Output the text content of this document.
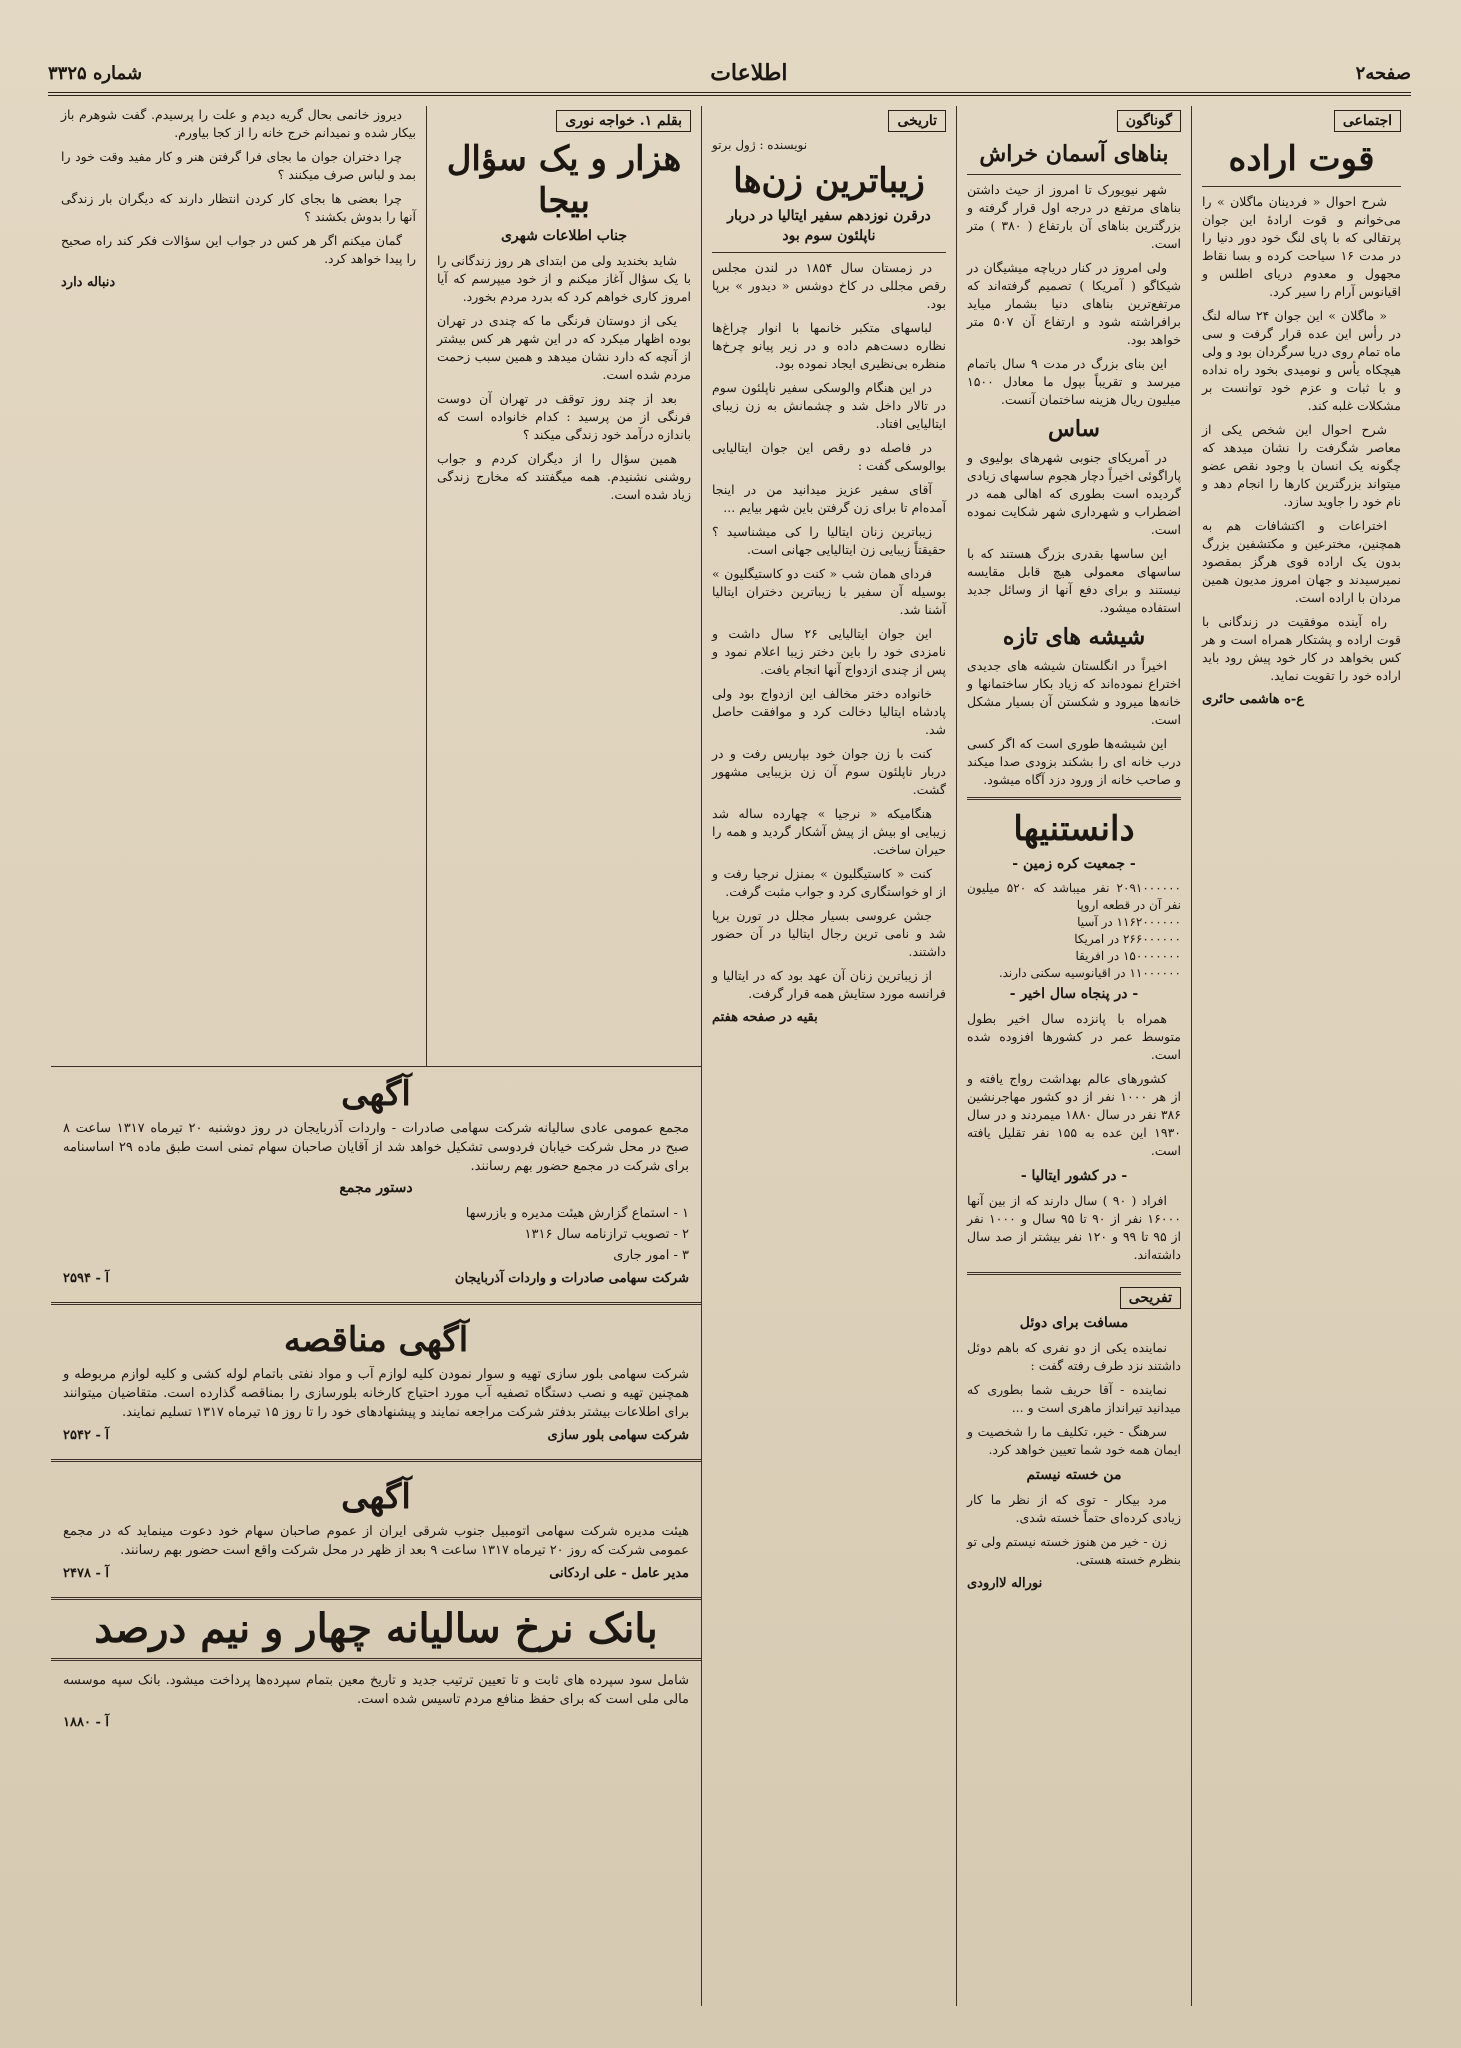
صفحه۲
اطلاعات
شماره ۳۳۲۵
اجتماعی
قوت اراده

شرح احوال « فردینان ماگلان » را می‌خوانم و قوت ارادهٔ این جوان پرتقالی که با پای لنگ خود دور دنیا را در مدت ۱۶ سیاحت کرده و بسا نقاط مجهول و معدوم دریای اطلس و اقیانوس آرام را سیر کرد.

« ماگلان » این جوان ۲۴ ساله لنگ در رأس این عده قرار گرفت و سی ماه تمام روی دریا سرگردان بود و ولی هیچکاه یأس و نومیدی بخود راه نداده و با ثبات و عزم خود توانست بر مشکلات غلبه کند.

شرح احوال این شخص یکی از معاصر شگرفت را نشان میدهد که چگونه یک انسان با وجود نقص عضو میتواند بزرگترین کارها را انجام دهد و نام خود را جاوید سازد.

اختراعات و اکتشافات هم به همچنین، مخترعین و مکتشفین بزرگ بدون یک اراده قوی هرگز بمقصود نمیرسیدند و جهان امروز مدیون همین مردان با اراده است.

راه آینده موفقیت در زندگانی با قوت اراده و پشتکار همراه است و هر کس بخواهد در کار خود پیش رود باید اراده خود را تقویت نماید.

ع-ه هاشمی حائری
گوناگون
بناهای آسمان خراش

شهر نیویورک تا امروز از حیث داشتن بناهای مرتفع در درجه اول قرار گرفته و بزرگترین بناهای آن بارتفاع ( ۳۸۰ ) متر است.

ولی امروز در کنار دریاچه میشیگان در شیکاگو ( آمریکا ) تصمیم گرفته‌اند که مرتفع‌ترین بناهای دنیا بشمار میاید برافراشته شود و ارتفاع آن ۵۰۷ متر خواهد بود.

این بنای بزرگ در مدت ۹ سال باتمام میرسد و تقریباً بپول ما معادل ۱۵۰۰ میلیون ریال هزینه ساختمان آنست.

ساس

در آمریکای جنوبی شهرهای بولیوی و پاراگوئی اخیراً دچار هجوم ساسهای زیادی گردیده است بطوری که اهالی همه در اضطراب و شهرداری شهر شکایت نموده است.

این ساسها بقدری بزرگ هستند که با ساسهای معمولی هیچ قابل مقایسه نیستند و برای دفع آنها از وسائل جدید استفاده میشود.

شیشه های تازه

اخیراً در انگلستان شیشه های جدیدی اختراع نموده‌اند که زیاد بکار ساختمانها و خانه‌ها میرود و شکستن آن بسیار مشکل است.

این شیشه‌ها طوری است که اگر کسی درب خانه ای را بشکند بزودی صدا میکند و صاحب خانه از ورود دزد آگاه میشود.

دانستنیها
- جمعیت کره زمین -
۲۰۹۱۰۰۰۰۰۰ نفر میباشد که ۵۲۰ میلیون نفر آن در قطعه اروپا
۱۱۶۲۰۰۰۰۰۰ در آسیا
۲۶۶۰۰۰۰۰۰ در امریکا
۱۵۰۰۰۰۰۰۰ در افریقا
۱۱۰۰۰۰۰۰ در اقیانوسیه سکنی دارند.
- در پنجاه سال اخیر -

همراه با پانزده سال اخیر بطول متوسط عمر در کشورها افزوده شده است.

کشورهای عالم بهداشت رواج یافته و از هر ۱۰۰۰ نفر از دو کشور مهاجرنشین ۳۸۶ نفر در سال ۱۸۸۰ میمردند و در سال ۱۹۳۰ این عده به ۱۵۵ نفر تقلیل یافته است.

- در کشور ایتالیا -

افراد ( ۹۰ ) سال دارند که از بین آنها ۱۶۰۰۰ نفر از ۹۰ تا ۹۵ سال و ۱۰۰۰ نفر از ۹۵ تا ۹۹ و ۱۲۰ نفر بیشتر از صد سال داشته‌اند.

تفریحی
مسافت برای دوئل

نماینده یکی از دو نفری که باهم دوئل داشتند نزد طرف رفته گفت :

نماینده - آقا حریف شما بطوری که میدانید تیرانداز ماهری است و ...

سرهنگ - خیر، تکلیف ما را شخصیت و ایمان همه خود شما تعیین خواهد کرد.

من خسته نیستم

مرد بیکار - توی که از نظر ما کار زیادی کرده‌ای حتماً خسته شدی.

زن - خیر من هنوز خسته نیستم ولی تو بنظرم خسته هستی.

نوراله لاارودی
تاریخی
نویسنده : ژول برتو
زیباترین زن‌ها
درقرن نوزدهم سفیر ایتالیا در دربار ناپلئون سوم بود

در زمستان سال ۱۸۵۴ در لندن مجلس رقص مجللی در کاخ دوشس « دیدور » برپا بود.

لباسهای متکبر خانمها با انوار چراغ‌ها نظاره دست‌هم داده و در زیر پیانو چرخ‌ها منظره بی‌نظیری ایجاد نموده بود.

در این هنگام والوسکی سفیر ناپلئون سوم در تالار داخل شد و چشمانش به زن زیبای ایتالیایی افتاد.

در فاصله دو رقص این جوان ایتالیایی بوالوسکی گفت :

آقای سفیر عزیز میدانید من در اینجا آمده‌ام تا برای زن گرفتن باین شهر بیایم ...

زیباترین زنان ایتالیا را کی میشناسید ؟ حقیقتاً زیبایی زن ایتالیایی جهانی است.

فردای همان شب « کنت دو کاستیگلیون » بوسیله آن سفیر با زیباترین دختران ایتالیا آشنا شد.

این جوان ایتالیایی ۲۶ سال داشت و نامزدی خود را باین دختر زیبا اعلام نمود و پس از چندی ازدواج آنها انجام یافت.

خانواده دختر مخالف این ازدواج بود ولی پادشاه ایتالیا دخالت کرد و موافقت حاصل شد.

کنت با زن جوان خود بپاریس رفت و در دربار ناپلئون سوم آن زن بزیبایی مشهور گشت.

هنگامیکه « نرجیا » چهارده ساله شد زیبایی او بیش از پیش آشکار گردید و همه را حیران ساخت.

کنت « کاستیگلیون » بمنزل نرجیا رفت و از او خواستگاری کرد و جواب مثبت گرفت.

جشن عروسی بسیار مجلل در تورن برپا شد و نامی ترین رجال ایتالیا در آن حضور داشتند.

از زیباترین زنان آن عهد بود که در ایتالیا و فرانسه مورد ستایش همه قرار گرفت.

بقیه در صفحه هفتم
بقلم ۱. خواجه نوری
هزار و یک سؤال بیجا
جناب اطلاعات شهری

شاید بخندید ولی من ابتدای هر روز زندگانی را با یک سؤال آغاز میکنم و از خود میپرسم که آیا امروز کاری خواهم کرد که بدرد مردم بخورد.

یکی از دوستان فرنگی ما که چندی در تهران بوده اظهار میکرد که در این شهر هر کس بیشتر از آنچه که دارد نشان میدهد و همین سبب زحمت مردم شده است.

بعد از چند روز توقف در تهران آن دوست فرنگی از من پرسید : کدام خانواده است که باندازه درآمد خود زندگی میکند ؟

همین سؤال را از دیگران کردم و جواب روشنی نشنیدم. همه میگفتند که مخارج زندگی زیاد شده است.

دیروز خانمی بحال گریه دیدم و علت را پرسیدم. گفت شوهرم باز بیکار شده و نمیدانم خرج خانه را از کجا بیاورم.

چرا دختران جوان ما بجای فرا گرفتن هنر و کار مفید وقت خود را بمد و لباس صرف میکنند ؟

چرا بعضی ها بجای کار کردن انتظار دارند که دیگران بار زندگی آنها را بدوش بکشند ؟

گمان میکنم اگر هر کس در جواب این سؤالات فکر کند راه صحیح را پیدا خواهد کرد.

دنباله دارد
آگهی
مجمع عمومی عادی سالیانه شرکت سهامی صادرات - واردات آذربایجان در روز دوشنبه ۲۰ تیرماه ۱۳۱۷ ساعت ۸ صبح در محل شرکت خیابان فردوسی تشکیل خواهد شد از آقایان صاحبان سهام تمنی است طبق ماده ۲۹ اساسنامه برای شرکت در مجمع حضور بهم رسانند.
دستور مجمع
۱ - استماع گزارش هیئت مدیره و بازرسها
۲ - تصویب ترازنامه سال ۱۳۱۶
۳ - امور جاری
شرکت سهامی صادرات و واردات آذربایجان
آ - ۲۵۹۴
آگهی مناقصه
شرکت سهامی بلور سازی تهیه و سوار نمودن کلیه لوازم آب و مواد نفتی باتمام لوله کشی و کلیه لوازم مربوطه و همچنین تهیه و نصب دستگاه تصفیه آب مورد احتیاج کارخانه بلورسازی را بمناقصه گذارده است. متقاضیان میتوانند برای اطلاعات بیشتر بدفتر شرکت مراجعه نمایند و پیشنهادهای خود را تا روز ۱۵ تیرماه ۱۳۱۷ تسلیم نمایند.
شرکت سهامی بلور سازی
آ - ۲۵۴۲
آگهی
هیئت مدیره شرکت سهامی اتومبیل جنوب شرقی ایران از عموم صاحبان سهام خود دعوت مینماید که در مجمع عمومی شرکت که روز ۲۰ تیرماه ۱۳۱۷ ساعت ۹ بعد از ظهر در محل شرکت واقع است حضور بهم رسانند.
مدیر عامل - علی اردکانی
آ - ۲۴۷۸
بانک نرخ سالیانه چهار و نیم درصد
شامل سود سپرده های ثابت و تا تعیین ترتیب جدید و تاریخ معین بتمام سپرده‌ها پرداخت میشود. بانک سپه موسسه مالی ملی است که برای حفظ منافع مردم تاسیس شده است.
آ - ۱۸۸۰
